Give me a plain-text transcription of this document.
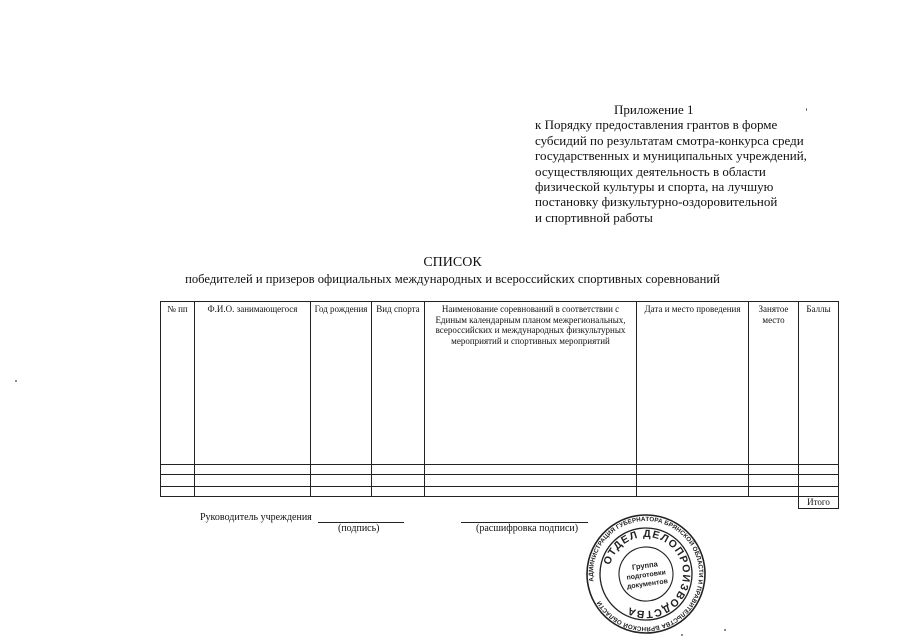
Приложение 1
к Порядку предоставления грантов в форме
субсидий по результатам смотра-конкурса среди
государственных и муниципальных учреждений,
осуществляющих деятельность в области
физической культуры и спорта, на лучшую
постановку физкультурно-оздоровительной
и спортивной работы
СПИСОК
победителей и призеров официальных международных и всероссийских спортивных соревнований
№ пп	Ф.И.О. занимающегося	Год рождения	Вид спорта	Наименование соревнований в соответствии с Единым календарным планом межрегиональных, всероссийских и международных физкультурных мероприятий и спортивных мероприятий	Дата и место проведения	Занятое место	Баллы

							Итого
Руководитель учреждения
(подпись)	(расшифровка подписи)
АДМИНИСТРАЦИЯ ГУБЕРНАТОРА БРЯНСКОЙ ОБЛАСТИ И ПРАВИТЕЛЬСТВА БРЯНСКОЙ ОБЛАСТИ
ОТДЕЛ ДЕЛОПРОИЗВОДСТВА
Группа
подготовки
документов
